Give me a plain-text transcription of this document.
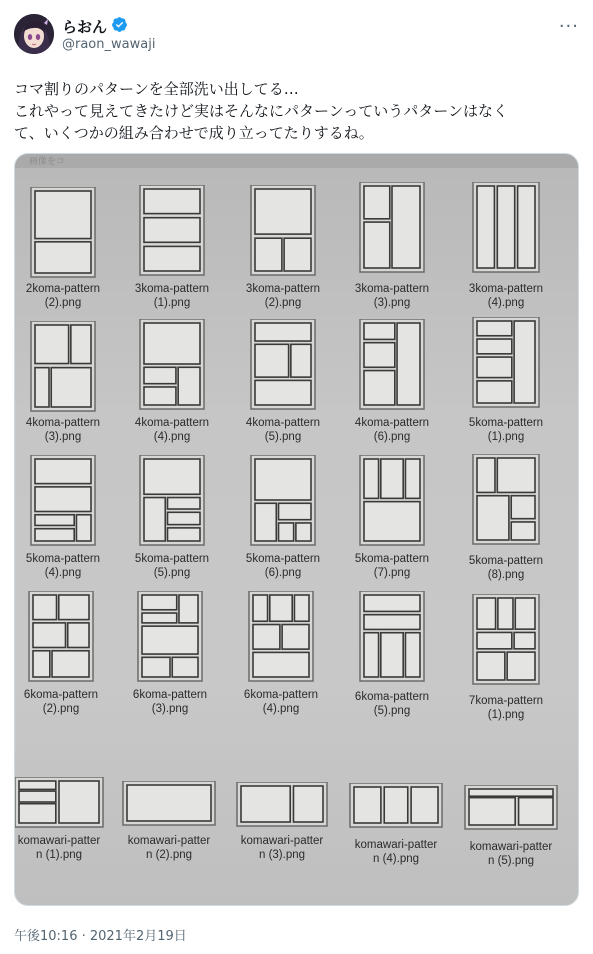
らおん
@raon_wawaji
···
コマ割りのパターンを全部洗い出してる…
これやって見えてきたけど実はそんなにパターンっていうパターンはなく
て、いくつかの組み合わせで成り立ってたりするね。
画像をコ
2koma-pattern
(2).png
3koma-pattern
(1).png
3koma-pattern
(2).png
3koma-pattern
(3).png
3koma-pattern
(4).png
4koma-pattern
(3).png
4koma-pattern
(4).png
4koma-pattern
(5).png
4koma-pattern
(6).png
5koma-pattern
(1).png
5koma-pattern
(4).png
5koma-pattern
(5).png
5koma-pattern
(6).png
5koma-pattern
(7).png
5koma-pattern
(8).png
6koma-pattern
(2).png
6koma-pattern
(3).png
6koma-pattern
(4).png
6koma-pattern
(5).png
7koma-pattern
(1).png
komawari-patter
n (1).png
komawari-patter
n (2).png
komawari-patter
n (3).png
komawari-patter
n (4).png
komawari-patter
n (5).png
午後10:16 · 2021年2月19日
